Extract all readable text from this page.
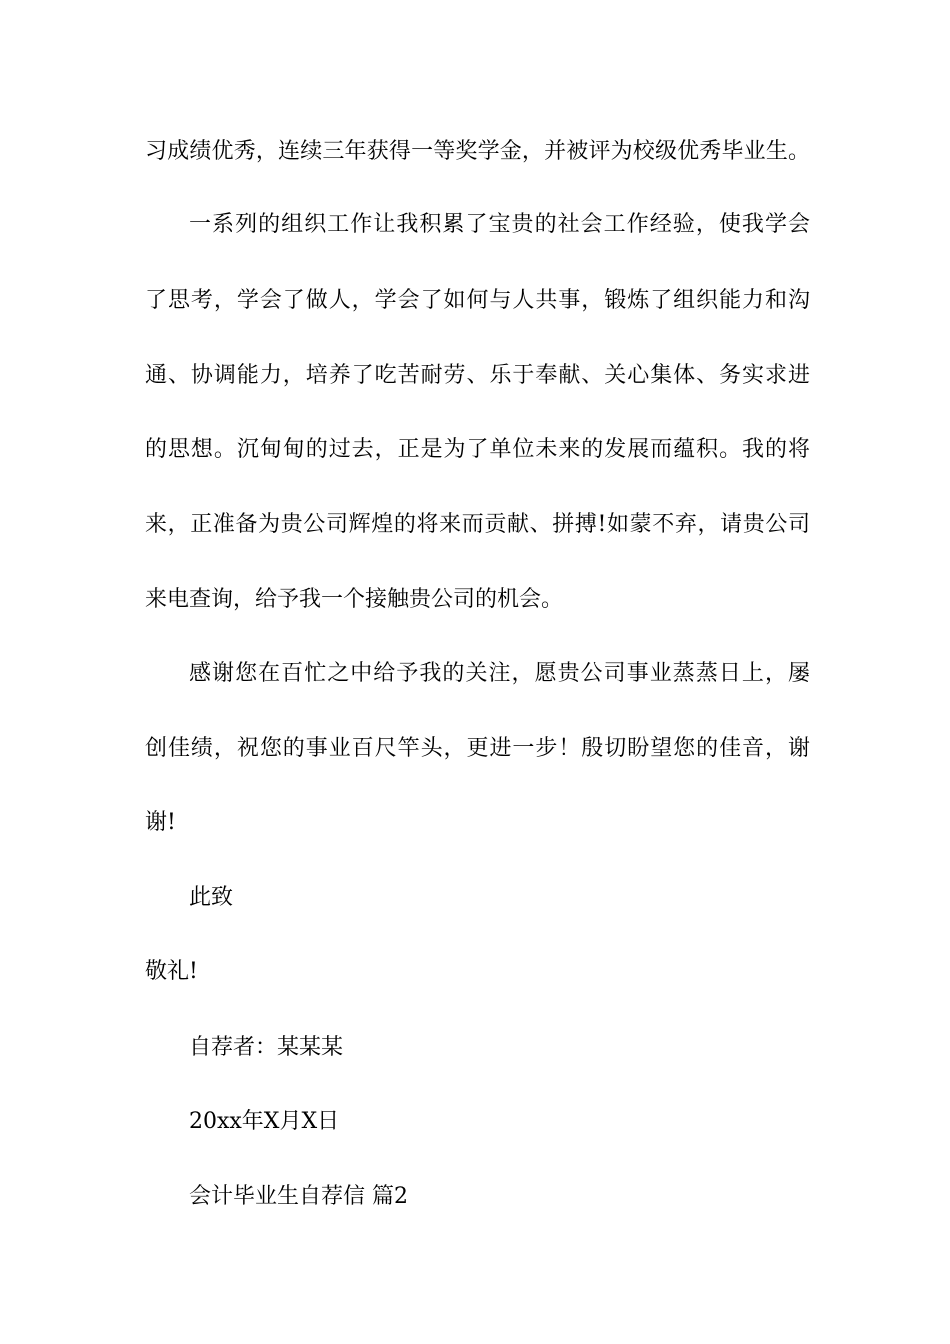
习成绩优秀，连续三年获得一等奖学金，并被评为校级优秀毕业生。
一系列的组织工作让我积累了宝贵的社会工作经验，使我学会
了思考，学会了做人，学会了如何与人共事，锻炼了组织能力和沟
通、协调能力，培养了吃苦耐劳、乐于奉献、关心集体、务实求进
的思想。沉甸甸的过去，正是为了单位未来的发展而蕴积。我的将
来，正准备为贵公司辉煌的将来而贡献、拼搏!如蒙不弃，请贵公司
来电查询，给予我一个接触贵公司的机会。
感谢您在百忙之中给予我的关注，愿贵公司事业蒸蒸日上，屡
创佳绩，祝您的事业百尺竿头，更进一步！殷切盼望您的佳音，谢
谢!
此致
敬礼!
自荐者：某某某
20xx年X月X日
会计毕业生自荐信 篇2
